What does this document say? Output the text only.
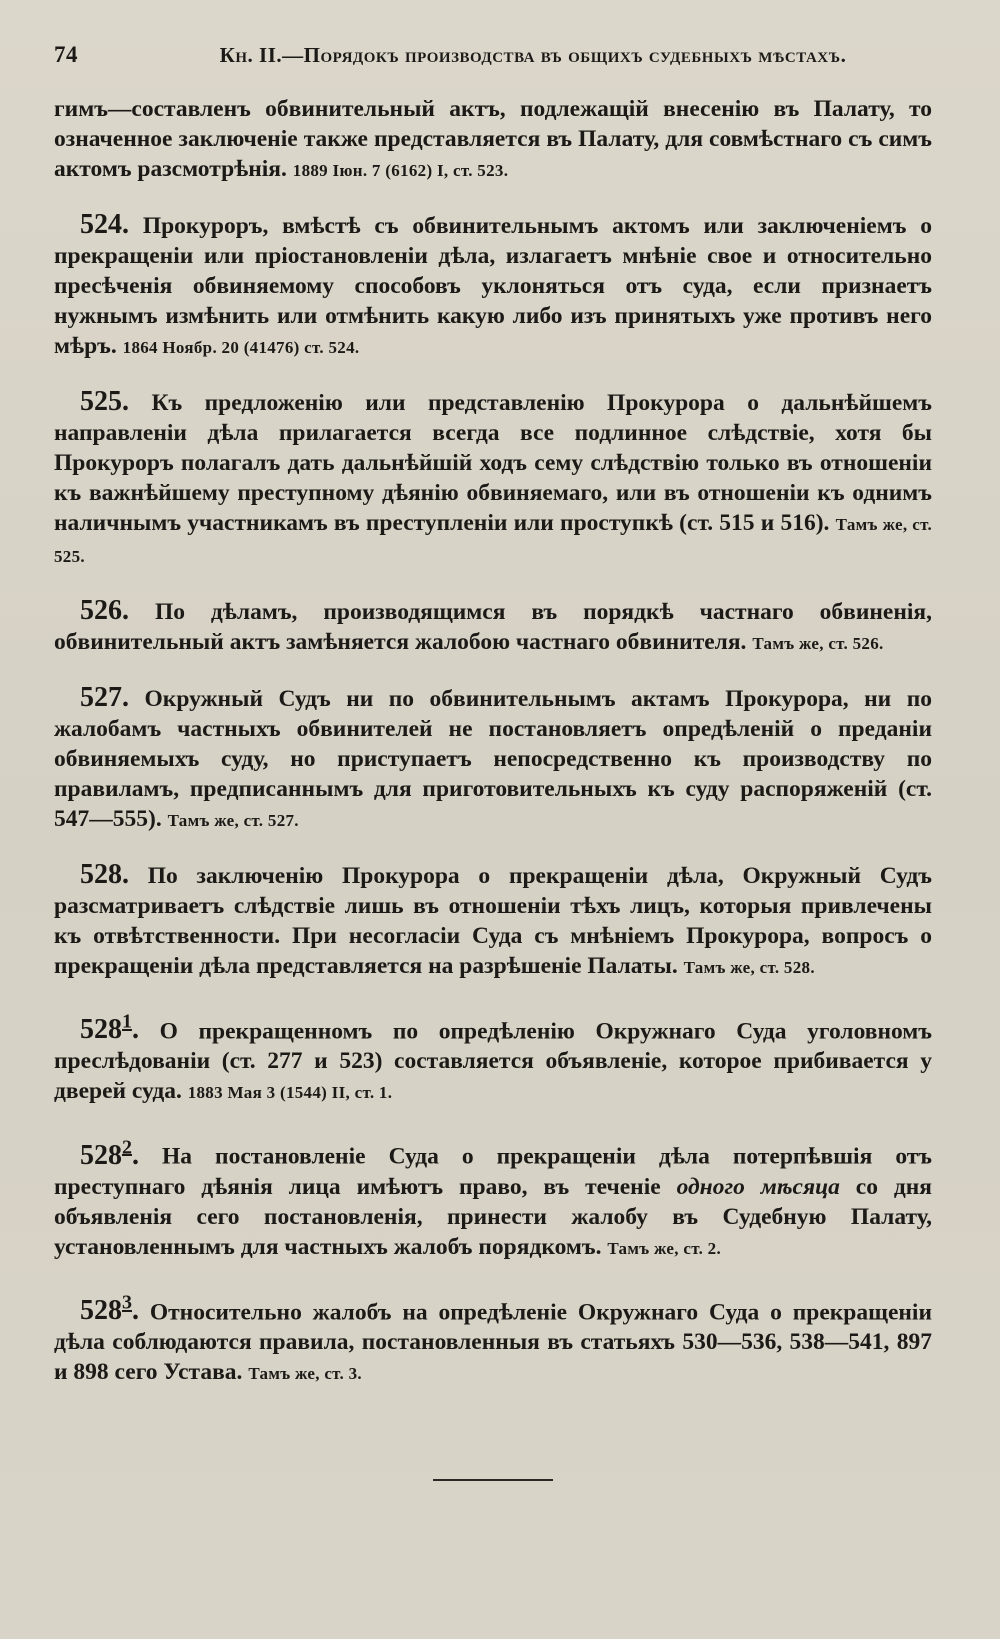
74	Кн. II.—Порядокъ производства въ общихъ судебныхъ мѣстахъ.

гимъ—составленъ обвинительный актъ, подлежащій внесенію въ Палату, то означенное заключеніе также представляется въ Палату, для совмѣстнаго съ симъ актомъ разсмотрѣнія. 1889 Іюн. 7 (6162) I, ст. 523.

524. Прокуроръ, вмѣстѣ съ обвинительнымъ актомъ или заключеніемъ о прекращеніи или пріостановленіи дѣла, излагаетъ мнѣніе свое и относительно пресѣченія обвиняемому способовъ уклоняться отъ суда, если признаетъ нужнымъ измѣнить или отмѣнить какую либо изъ принятыхъ уже противъ него мѣръ. 1864 Ноябр. 20 (41476) ст. 524.

525. Къ предложенію или представленію Прокурора о дальнѣйшемъ направленіи дѣла прилагается всегда все подлинное слѣдствіе, хотя бы Прокуроръ полагалъ дать дальнѣйшій ходъ сему слѣдствію только въ отношеніи къ важнѣйшему преступному дѣянію обвиняемаго, или въ отношеніи къ однимъ наличнымъ участникамъ въ преступленіи или проступкѣ (ст. 515 и 516). Тамъ же, ст. 525.

526. По дѣламъ, производящимся въ порядкѣ частнаго обвиненія, обвинительный актъ замѣняется жалобою частнаго обвинителя. Тамъ же, ст. 526.

527. Окружный Судъ ни по обвинительнымъ актамъ Прокурора, ни по жалобамъ частныхъ обвинителей не постановляетъ опредѣленій о преданіи обвиняемыхъ суду, но приступаетъ непосредственно къ производству по правиламъ, предписаннымъ для приготовительныхъ къ суду распоряженій (ст. 547—555). Тамъ же, ст. 527.

528. По заключенію Прокурора о прекращеніи дѣла, Окружный Судъ разсматриваетъ слѣдствіе лишь въ отношеніи тѣхъ лицъ, которыя привлечены къ отвѣтственности. При несогласіи Суда съ мнѣніемъ Прокурора, вопросъ о прекращеніи дѣла представляется на разрѣшеніе Палаты. Тамъ же, ст. 528.

$528^1$. О прекращенномъ по опредѣленію Окружнаго Суда уголовномъ преслѣдованіи (ст. 277 и 523) составляется объявленіе, которое прибивается у дверей суда. 1883 Мая 3 (1544) II, ст. 1.

$528^2$. На постановленіе Суда о прекращеніи дѣла потерпѣвшія отъ преступнаго дѣянія лица имѣютъ право, въ теченіе одного мѣсяца со дня объявленія сего постановленія, принести жалобу въ Судебную Палату, установленнымъ для частныхъ жалобъ порядкомъ. Тамъ же, ст. 2.

$528^3$. Относительно жалобъ на опредѣленіе Окружнаго Суда о прекращеніи дѣла соблюдаются правила, постановленныя въ статьяхъ 530—536, 538—541, 897 и 898 сего Устава. Тамъ же, ст. 3.
